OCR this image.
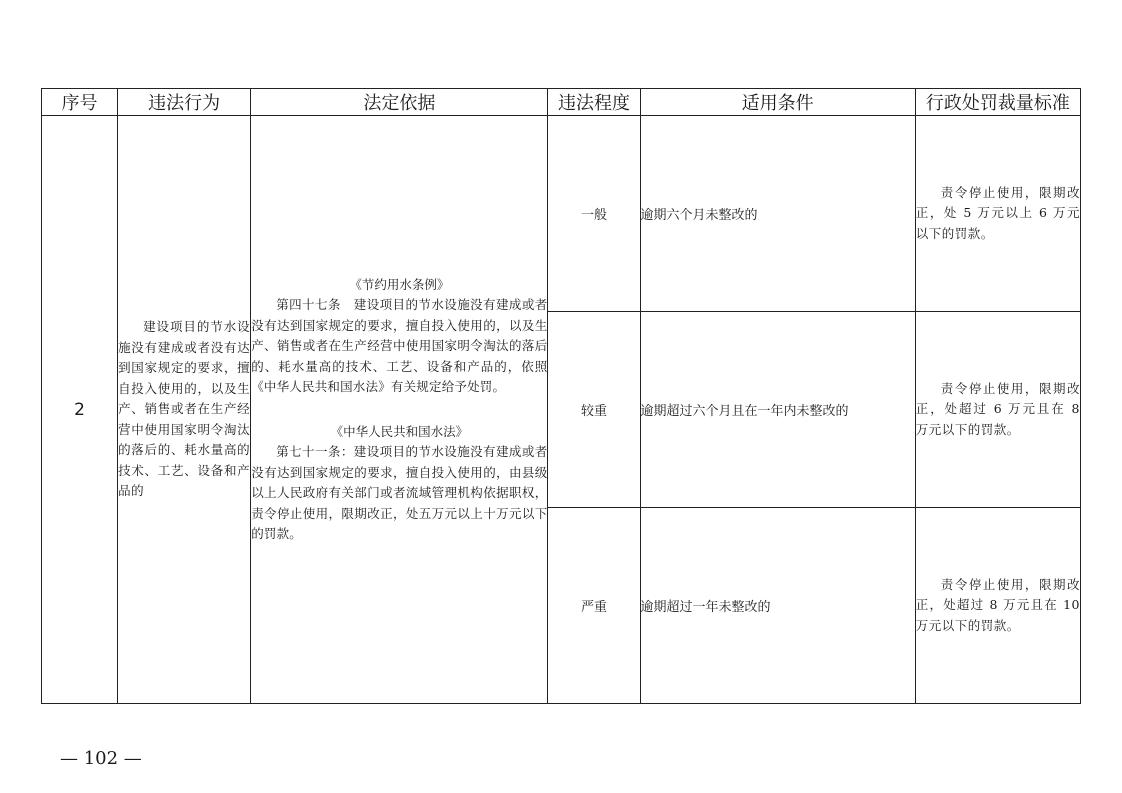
序号	违法行为	法定依据	违法程度	适用条件	行政处罚裁量标准
2	建设项目的节水设施没有建成或者没有达到国家规定的要求，擅自投入使用的，以及生产、销售或者在生产经营中使用国家明令淘汰的落后的、耗水量高的技术、工艺、设备和产品的	《节约用水条例》
第四十七条　建设项目的节水设施没有建成或者没有达到国家规定的要求，擅自投入使用的，以及生产、销售或者在生产经营中使用国家明令淘汰的落后的、耗水量高的技术、工艺、设备和产品的，依照《中华人民共和国水法》有关规定给予处罚。
《中华人民共和国水法》
第七十一条：建设项目的节水设施没有建成或者没有达到国家规定的要求，擅自投入使用的，由县级以上人民政府有关部门或者流域管理机构依据职权，责令停止使用，限期改正，处五万元以上十万元以下的罚款。	一般	逾期六个月未整改的	责令停止使用，限期改正，处 5 万元以上 6 万元以下的罚款。

			较重	逾期超过六个月且在一年内未整改的	责令停止使用，限期改正，处超过 6 万元且在 8 万元以下的罚款。

			严重	逾期超过一年未整改的	责令停止使用，限期改正，处超过 8 万元且在 10 万元以下的罚款。
— 102 —
